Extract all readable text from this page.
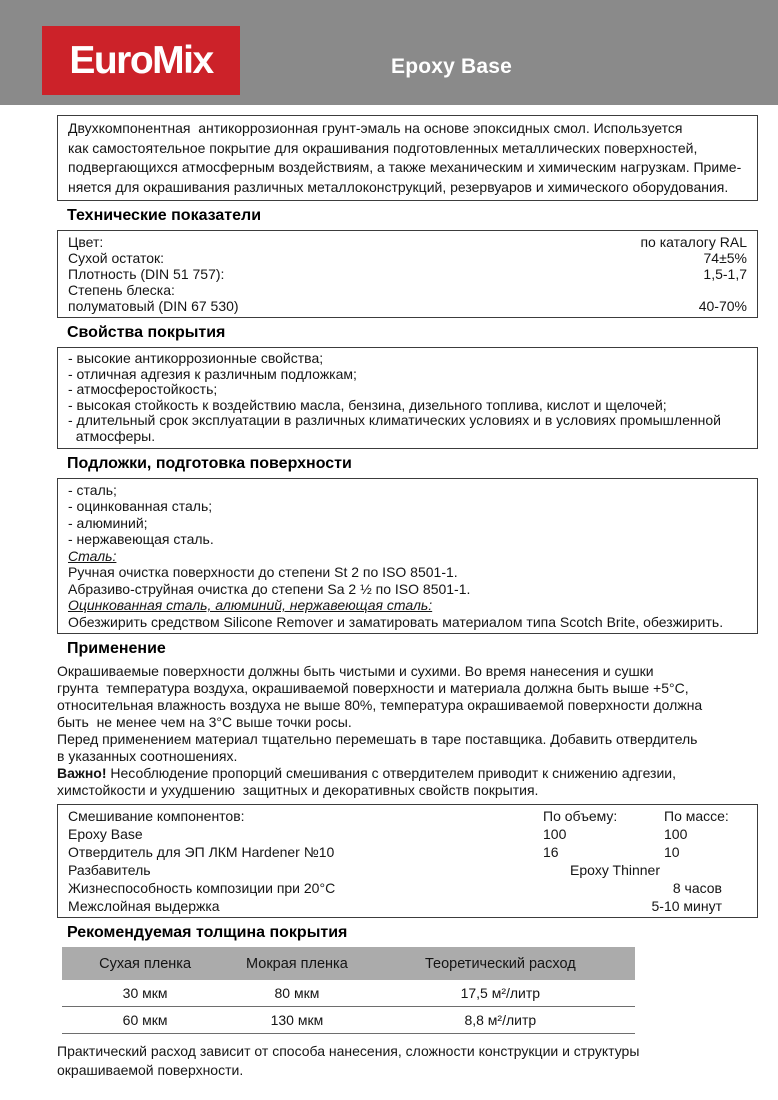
EuroMix	Epoxy Base
Двухкомпонентная  антикоррозионная грунт-эмаль на основе эпоксидных смол. Используется
как самостоятельное покрытие для окрашивания подготовленных металлических поверхностей,
подвергающихся атмосферным воздействиям, а также механическим и химическим нагрузкам. Приме-
няется для окрашивания различных металлоконструкций, резервуаров и химического оборудования.
Технические показатели
Цвет:	по каталогу RAL
Сухой остаток:	74±5%
Плотность (DIN 51 757):	1,5-1,7
Степень блеска:
полуматовый (DIN 67 530)	40-70%
Свойства покрытия
- высокие антикоррозионные свойства;
- отличная адгезия к различным подложкам;
- атмосферостойкость;
- высокая стойкость к воздействию масла, бензина, дизельного топлива, кислот и щелочей;
- длительный срок эксплуатации в различных климатических условиях и в условиях промышленной
атмосферы.
Подложки, подготовка поверхности
- сталь;
- оцинкованная сталь;
- алюминий;
- нержавеющая сталь.
Сталь:
Ручная очистка поверхности до степени St 2 по ISO 8501-1.
Абразиво-струйная очистка до степени Sa 2 ½ по ISO 8501-1.
Оцинкованная сталь, алюминий, нержавеющая сталь:
Обезжирить средством Silicone Remover и заматировать материалом типа Scotch Brite, обезжирить.
Применение
Окрашиваемые поверхности должны быть чистыми и сухими. Во время нанесения и сушки
грунта  температура воздуха, окрашиваемой поверхности и материала должна быть выше +5°С,
относительная влажность воздуха не выше 80%, температура окрашиваемой поверхности должна
быть  не менее чем на 3°С выше точки росы.
Перед применением материал тщательно перемешать в таре поставщика. Добавить отвердитель
в указанных соотношениях.
Важно! Несоблюдение пропорций смешивания с отвердителем приводит к снижению адгезии,
химстойкости и ухудшению  защитных и декоративных свойств покрытия.
Смешивание компонентов:	По объему:	По массе:
Epoxy Base	100	100
Отвердитель для ЭП ЛКМ Hardener №10	16	10
Разбавитель	Epoxy Thinner
Жизнеспособность композиции при 20°С	8 часов
Межслойная выдержка	5-10 минут
Рекомендуемая толщина покрытия
Сухая пленка	Мокрая пленка	Теоретический расход
30 мкм	80 мкм	17,5 м²/литр
60 мкм	130 мкм	8,8 м²/литр
Практический расход зависит от способа нанесения, сложности конструкции и структуры
окрашиваемой поверхности.
